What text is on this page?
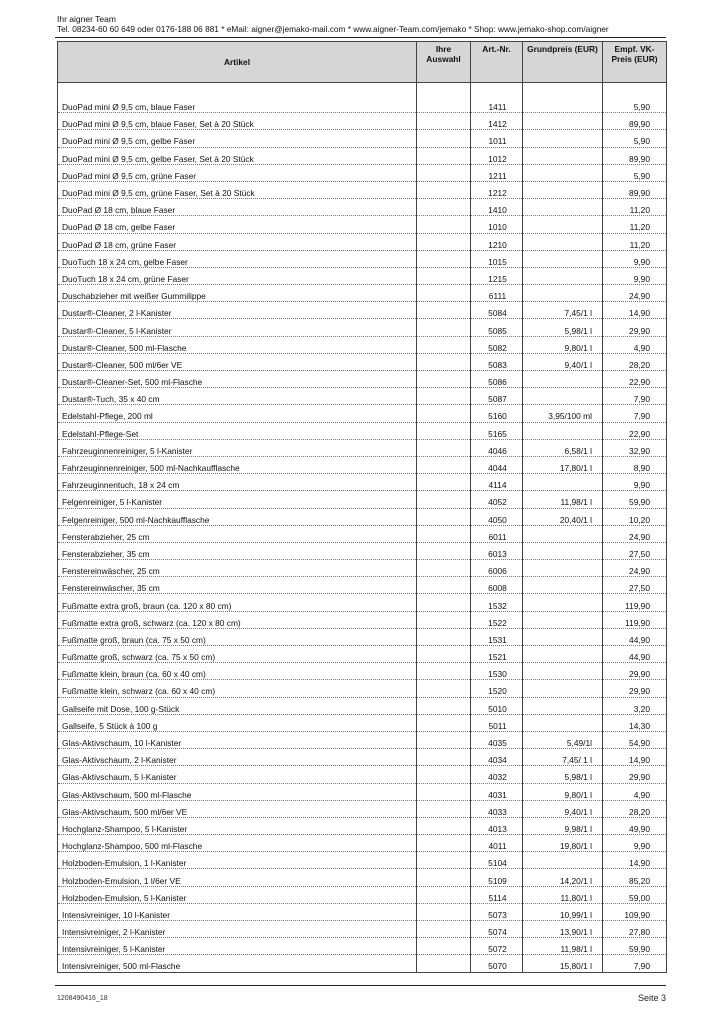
Ihr aigner Team
Tel. 08234-60 60 649 oder 0176-188 06 881 * eMail: aigner@jemako-mail.com * www.aigner-Team.com/jemako * Shop: www.jemako-shop.com/aigner
Artikel	Ihre Auswahl	Art.-Nr.	Grundpreis (EUR)	Empf. VK-Preis (EUR)

DuoPad mini Ø 9,5 cm, blaue Faser		1411		5,90
DuoPad mini Ø 9,5 cm, blaue Faser, Set à 20 Stück		1412		89,90
DuoPad mini Ø 9,5 cm, gelbe Faser		1011		5,90
DuoPad mini Ø 9,5 cm, gelbe Faser, Set à 20 Stück		1012		89,90
DuoPad mini Ø 9,5 cm, grüne Faser		1211		5,90
DuoPad mini Ø 9,5 cm, grüne Faser, Set à 20 Stück		1212		89,90
DuoPad Ø 18 cm, blaue Faser		1410		11,20
DuoPad Ø 18 cm, gelbe Faser		1010		11,20
DuoPad Ø 18 cm, grüne Faser		1210		11,20
DuoTuch 18 x 24 cm, gelbe Faser		1015		9,90
DuoTuch 18 x 24 cm, grüne Faser		1215		9,90
Duschabzieher mit weißer Gummilippe		6111		24,90
Dustar®-Cleaner, 2 l-Kanister		5084	7,45/1 l	14,90
Dustar®-Cleaner, 5 l-Kanister		5085	5,98/1 l	29,90
Dustar®-Cleaner, 500 ml-Flasche		5082	9,80/1 l	4,90
Dustar®-Cleaner, 500 ml/6er VE		5083	9,40/1 l	28,20
Dustar®-Cleaner-Set, 500 ml-Flasche		5086		22,90
Dustar®-Tuch, 35 x 40 cm		5087		7,90
Edelstahl-Pflege, 200 ml		5160	3,95/100 ml	7,90
Edelstahl-Pflege-Set		5165		22,90
Fahrzeuginnenreiniger, 5 l-Kanister		4046	6,58/1 l	32,90
Fahrzeuginnenreiniger, 500 ml-Nachkaufflasche		4044	17,80/1 l	8,90
Fahrzeuginnentuch, 18 x 24 cm		4114		9,90
Felgenreiniger, 5 l-Kanister		4052	11,98/1 l	59,90
Felgenreiniger, 500 ml-Nachkaufflasche		4050	20,40/1 l	10,20
Fensterabzieher, 25 cm		6011		24,90
Fensterabzieher, 35 cm		6013		27,50
Fenstereinwäscher, 25 cm		6006		24,90
Fenstereinwäscher, 35 cm		6008		27,50
Fußmatte extra groß, braun (ca. 120 x 80 cm)		1532		119,90
Fußmatte extra groß, schwarz (ca. 120 x 80 cm)		1522		119,90
Fußmatte groß, braun (ca. 75 x 50 cm)		1531		44,90
Fußmatte groß, schwarz (ca. 75 x 50 cm)		1521		44,90
Fußmatte klein, braun (ca. 60 x 40 cm)		1530		29,90
Fußmatte klein, schwarz (ca. 60 x 40 cm)		1520		29,90
Gallseife mit Dose, 100 g-Stück		5010		3,20
Gallseife, 5 Stück à 100 g		5011		14,30
Glas-Aktivschaum, 10 l-Kanister		4035	5,49/1l	54,90
Glas-Aktivschaum, 2 l-Kanister		4034	7,45/ 1 l	14,90
Glas-Aktivschaum, 5 l-Kanister		4032	5,98/1 l	29,90
Glas-Aktivschaum, 500 ml-Flasche		4031	9,80/1 l	4,90
Glas-Aktivschaum, 500 ml/6er VE		4033	9,40/1 l	28,20
Hochglanz-Shampoo, 5 l-Kanister		4013	9,98/1 l	49,90
Hochglanz-Shampoo, 500 ml-Flasche		4011	19,80/1 l	9,90
Holzboden-Emulsion, 1 l-Kanister		5104		14,90
Holzboden-Emulsion, 1 l/6er VE		5109	14,20/1 l	85,20
Holzboden-Emulsion, 5 l-Kanister		5114	11,80/1 l	59,00
Intensivreiniger, 10 l-Kanister		5073	10,99/1 l	109,90
Intensivreiniger, 2 l-Kanister		5074	13,90/1 l	27,80
Intensivreiniger, 5 l-Kanister		5072	11,98/1 l	59,90
Intensivreiniger, 500 ml-Flasche		5070	15,80/1 l	7,90
1208490416_18	Seite 3
